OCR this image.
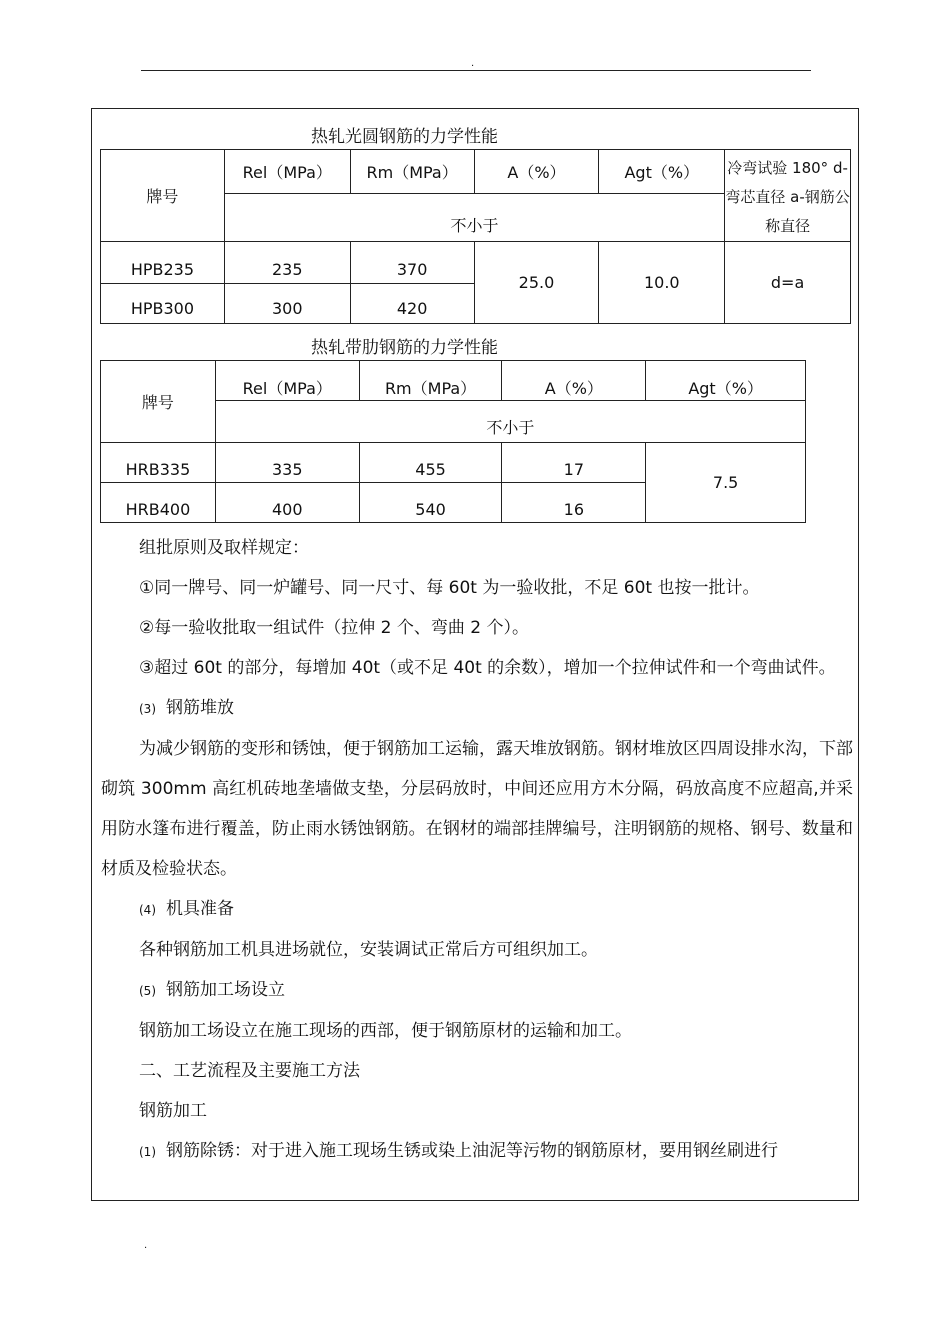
.
热轧光圆钢筋的力学性能
牌号	Rel（MPa）	Rm（MPa）	A（%）	Agt（%）	冷弯试验 180° d-弯芯直径 a-钢筋公称直径
	不小于				
HPB235	235	370	25.0	10.0	d=a
HPB300	300	420			
热轧带肋钢筋的力学性能
牌号	Rel（MPa）	Rm（MPa）	A（%）	Agt（%）
	不小于			
HRB335	335	455	17	7.5
HRB400	400	540	16	

组批原则及取样规定：

①同一牌号、同一炉罐号、同一尺寸、每 60t 为一验收批，不足 60t 也按一批计。

②每一验收批取一组试件（拉伸 2 个、弯曲 2 个）。

③超过 60t 的部分，每增加 40t（或不足 40t 的余数），增加一个拉伸试件和一个弯曲试件。

(3) 钢筋堆放

为减少钢筋的变形和锈蚀，便于钢筋加工运输，露天堆放钢筋。钢材堆放区四周设排水沟，下部砌筑 300mm 高红机砖地垄墙做支垫，分层码放时，中间还应用方木分隔，码放高度不应超高,并采用防水篷布进行覆盖，防止雨水锈蚀钢筋。在钢材的端部挂牌编号，注明钢筋的规格、钢号、数量和材质及检验状态。

(4) 机具准备

各种钢筋加工机具进场就位，安装调试正常后方可组织加工。

(5) 钢筋加工场设立

钢筋加工场设立在施工现场的西部，便于钢筋原材的运输和加工。

二、工艺流程及主要施工方法

钢筋加工

(1) 钢筋除锈：对于进入施工现场生锈或染上油泥等污物的钢筋原材，要用钢丝刷进行

.
